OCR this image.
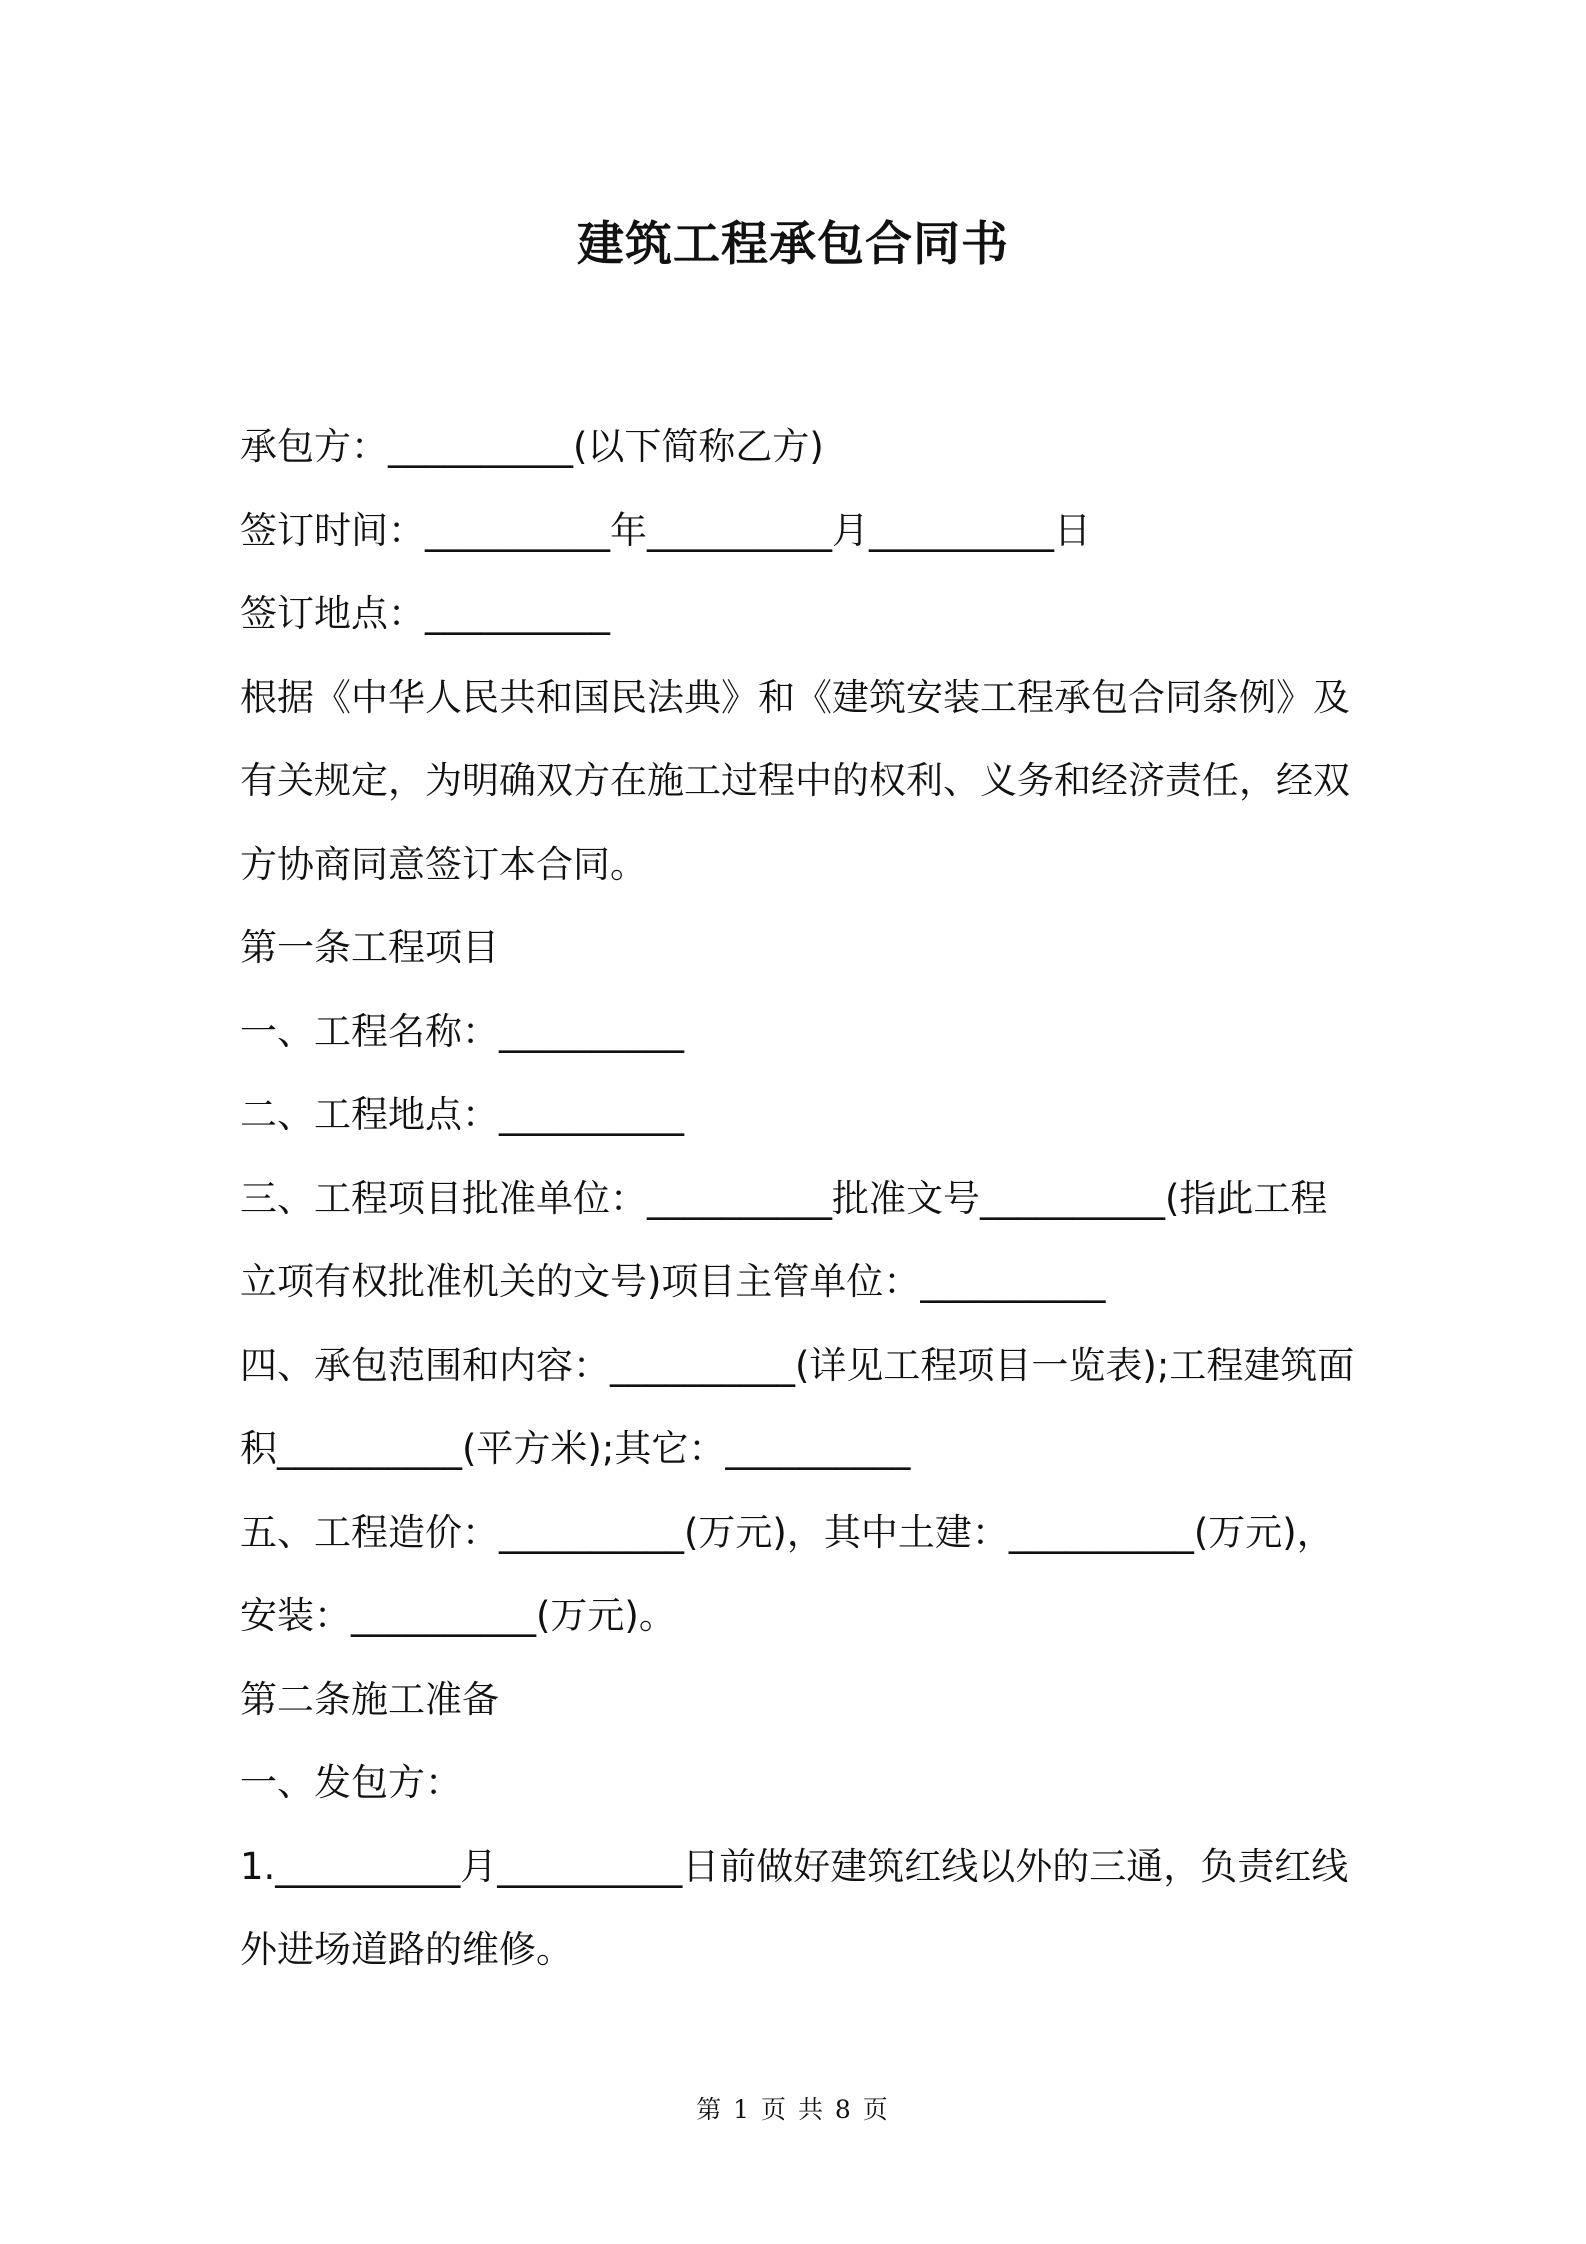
建筑工程承包合同书

承包方：__________(以下简称乙方)

签订时间：__________年__________月__________日

签订地点：__________

根据《中华人民共和国民法典》和《建筑安装工程承包合同条例》及有关规定，为明确双方在施工过程中的权利、义务和经济责任，经双方协商同意签订本合同。

第一条工程项目

一、工程名称：__________

二、工程地点：__________

三、工程项目批准单位：__________批准文号__________(指此工程立项有权批准机关的文号)项目主管单位：__________

四、承包范围和内容：__________(详见工程项目一览表);工程建筑面积__________(平方米);其它：__________

五、工程造价：__________(万元)，其中土建：__________(万元)，安装：__________(万元)。

第二条施工准备

一、发包方：

1.__________月__________日前做好建筑红线以外的三通，负责红线外进场道路的维修。

第 1 页 共 8 页
